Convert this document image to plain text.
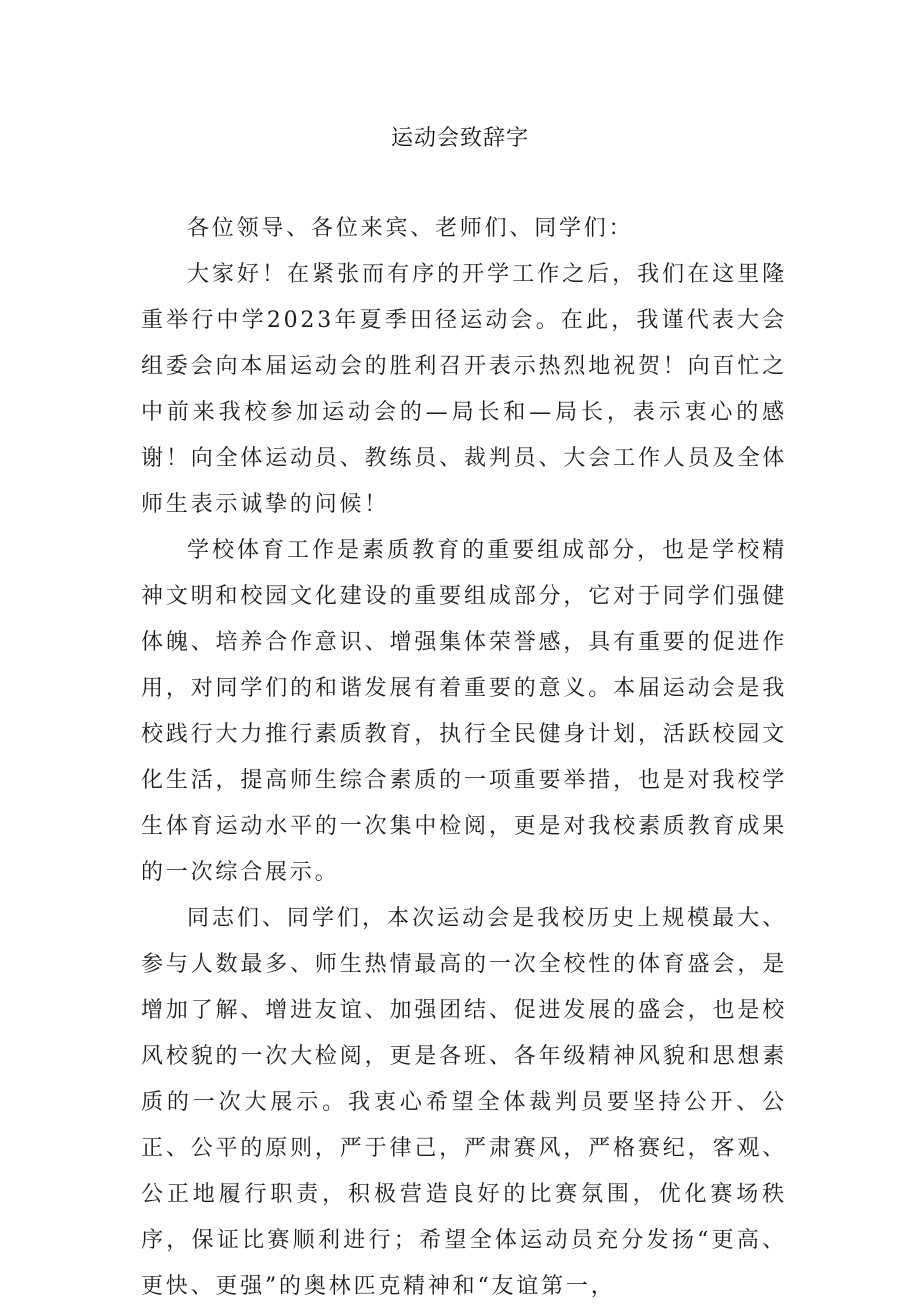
运动会致辞字

各位领导、各位来宾、老师们、同学们：

大家好！在紧张而有序的开学工作之后，我们在这里隆重举行中学2023年夏季田径运动会。在此，我谨代表大会组委会向本届运动会的胜利召开表示热烈地祝贺！向百忙之中前来我校参加运动会的—局长和—局长，表示衷心的感谢！向全体运动员、教练员、裁判员、大会工作人员及全体师生表示诚挚的问候！

学校体育工作是素质教育的重要组成部分，也是学校精神文明和校园文化建设的重要组成部分，它对于同学们强健体魄、培养合作意识、增强集体荣誉感，具有重要的促进作用，对同学们的和谐发展有着重要的意义。本届运动会是我校践行大力推行素质教育，执行全民健身计划，活跃校园文化生活，提高师生综合素质的一项重要举措，也是对我校学生体育运动水平的一次集中检阅，更是对我校素质教育成果的一次综合展示。

同志们、同学们，本次运动会是我校历史上规模最大、参与人数最多、师生热情最高的一次全校性的体育盛会，是增加了解、增进友谊、加强团结、促进发展的盛会，也是校风校貌的一次大检阅，更是各班、各年级精神风貌和思想素质的一次大展示。我衷心希望全体裁判员要坚持公开、公正、公平的原则，严于律己，严肃赛风，严格赛纪，客观、公正地履行职责，积极营造良好的比赛氛围，优化赛场秩序，保证比赛顺利进行；希望全体运动员充分发扬“更高、更快、更强”的奥林匹克精神和“友谊第一，
